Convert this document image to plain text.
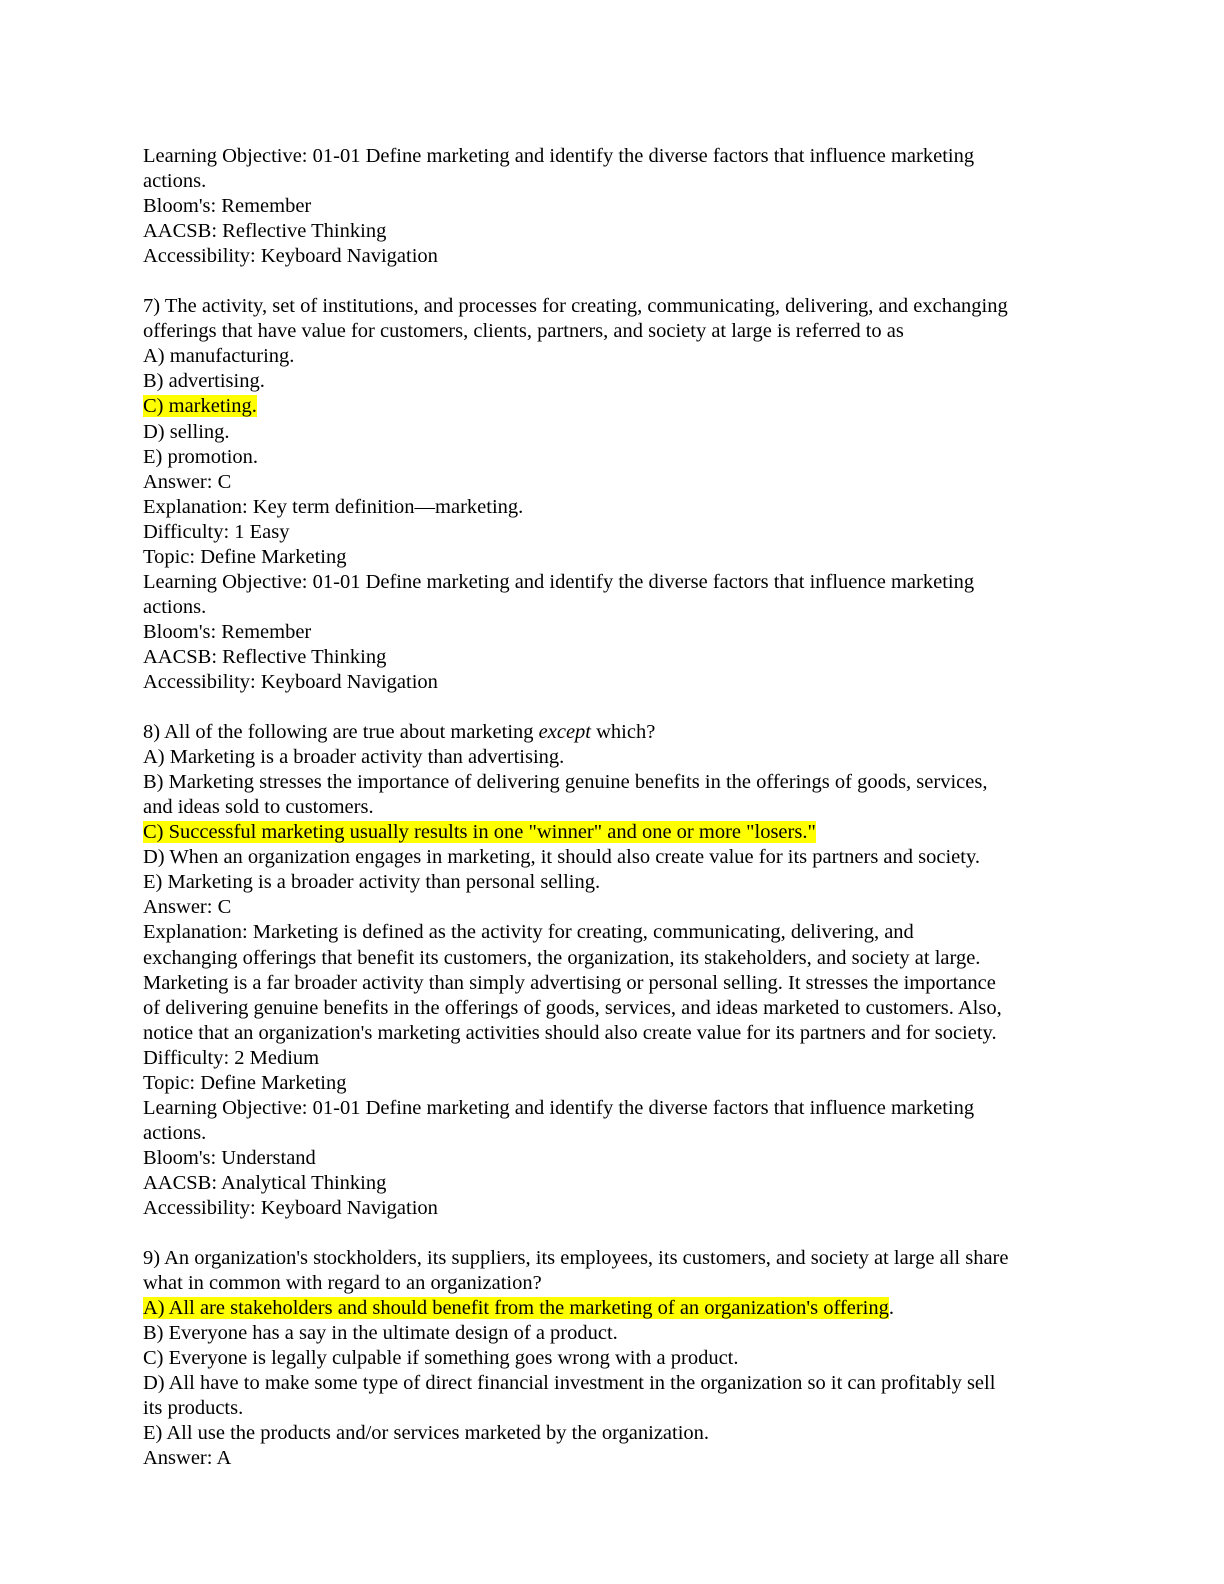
Learning Objective: 01-01 Define marketing and identify the diverse factors that influence marketing

actions.

Bloom's: Remember

AACSB: Reflective Thinking

Accessibility: Keyboard Navigation

7) The activity, set of institutions, and processes for creating, communicating, delivering, and exchanging

offerings that have value for customers, clients, partners, and society at large is referred to as

A) manufacturing.

B) advertising.

C) marketing.

D) selling.

E) promotion.

Answer: C

Explanation: Key term definition—marketing.

Difficulty: 1 Easy

Topic: Define Marketing

Learning Objective: 01-01 Define marketing and identify the diverse factors that influence marketing

actions.

Bloom's: Remember

AACSB: Reflective Thinking

Accessibility: Keyboard Navigation

8) All of the following are true about marketing except which?

A) Marketing is a broader activity than advertising.

B) Marketing stresses the importance of delivering genuine benefits in the offerings of goods, services,

and ideas sold to customers.

C) Successful marketing usually results in one "winner" and one or more "losers."

D) When an organization engages in marketing, it should also create value for its partners and society.

E) Marketing is a broader activity than personal selling.

Answer: C

Explanation: Marketing is defined as the activity for creating, communicating, delivering, and

exchanging offerings that benefit its customers, the organization, its stakeholders, and society at large.

Marketing is a far broader activity than simply advertising or personal selling. It stresses the importance

of delivering genuine benefits in the offerings of goods, services, and ideas marketed to customers. Also,

notice that an organization's marketing activities should also create value for its partners and for society.

Difficulty: 2 Medium

Topic: Define Marketing

Learning Objective: 01-01 Define marketing and identify the diverse factors that influence marketing

actions.

Bloom's: Understand

AACSB: Analytical Thinking

Accessibility: Keyboard Navigation

9) An organization's stockholders, its suppliers, its employees, its customers, and society at large all share

what in common with regard to an organization?

A) All are stakeholders and should benefit from the marketing of an organization's offering.

B) Everyone has a say in the ultimate design of a product.

C) Everyone is legally culpable if something goes wrong with a product.

D) All have to make some type of direct financial investment in the organization so it can profitably sell

its products.

E) All use the products and/or services marketed by the organization.

Answer: A
